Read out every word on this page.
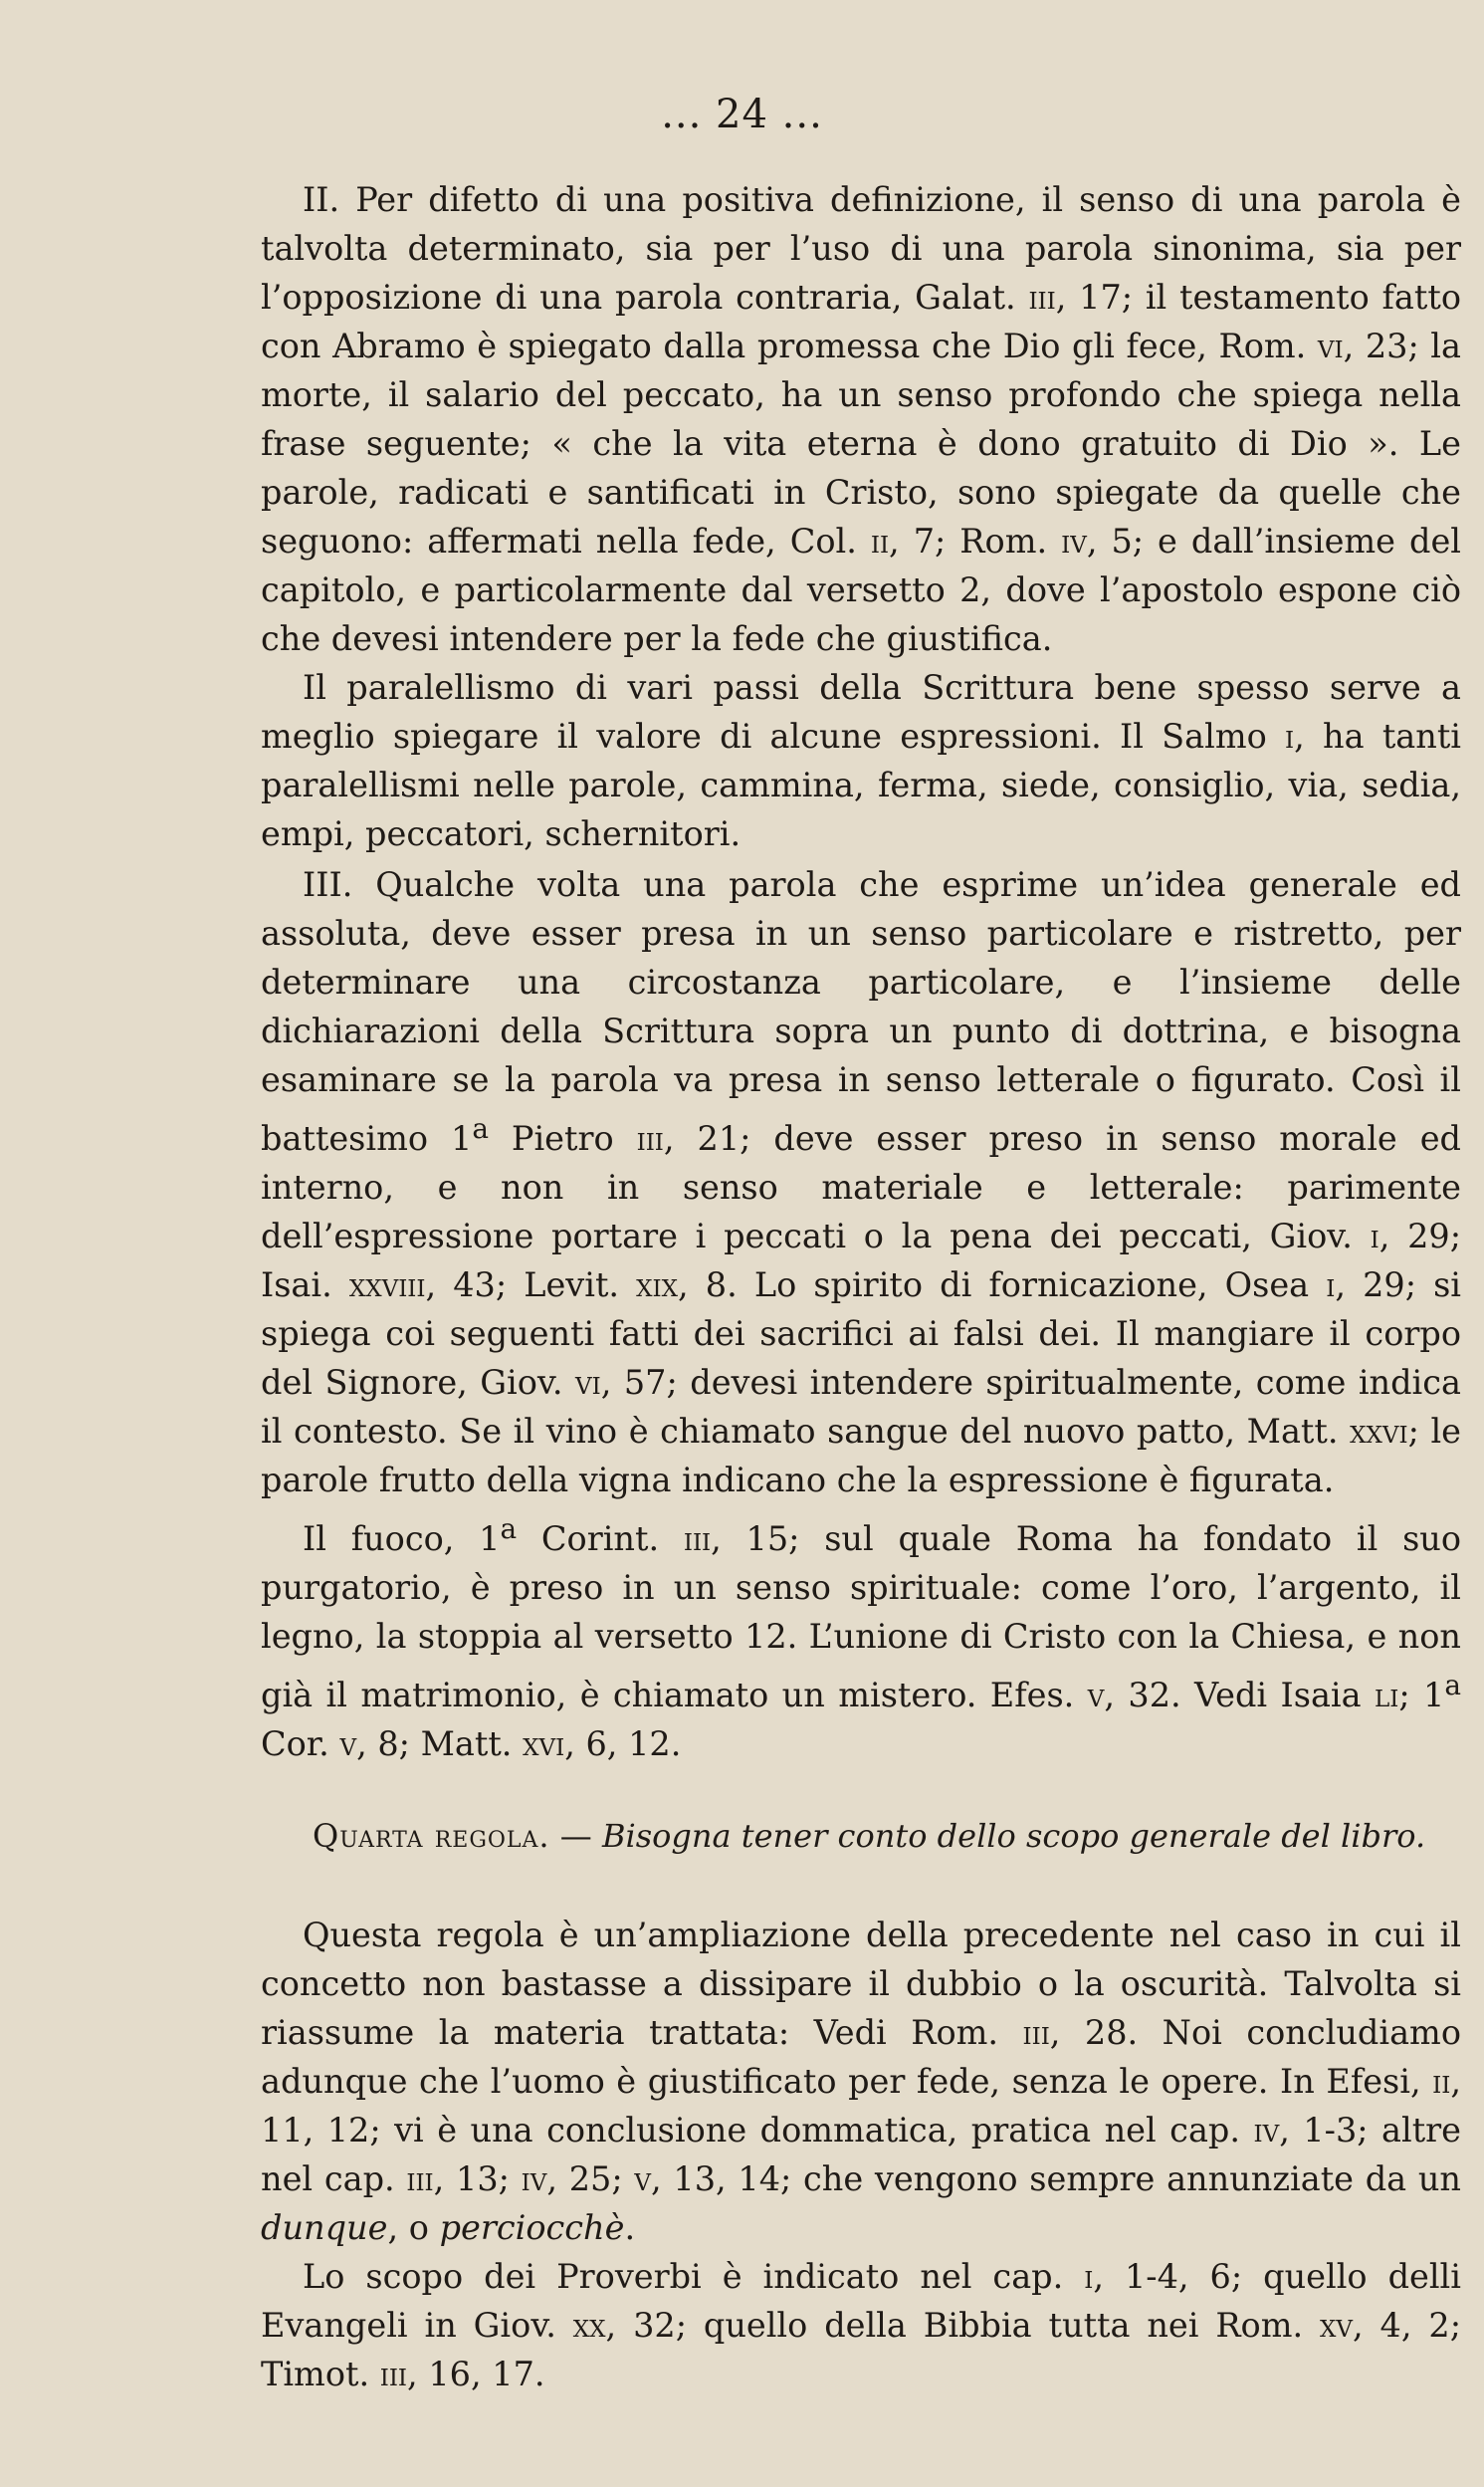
... 24 ...

II. Per difetto di una positiva definizione, il senso di una parola è talvolta determinato, sia per l’uso di una parola sinonima, sia per l’opposizione di una parola contraria, Galat. iii, 17; il testamento fatto con Abramo è spiegato dalla promessa che Dio gli fece, Rom. vi, 23; la morte, il salario del peccato, ha un senso profondo che spiega nella frase seguente; « che la vita eterna è dono gratuito di Dio ». Le parole, radicati e santificati in Cristo, sono spiegate da quelle che seguono: affermati nella fede, Col. ii, 7; Rom. iv, 5; e dall’insieme del capitolo, e particolarmente dal versetto 2, dove l’apostolo espone ciò che devesi intendere per la fede che giustifica.

Il paralellismo di vari passi della Scrittura bene spesso serve a meglio spiegare il valore di alcune espressioni. Il Salmo i, ha tanti paralellismi nelle parole, cammina, ferma, siede, consiglio, via, sedia, empi, peccatori, schernitori.

III. Qualche volta una parola che esprime un’idea generale ed assoluta, deve esser presa in un senso particolare e ristretto, per determinare una circostanza particolare, e l’insieme delle dichiarazioni della Scrittura sopra un punto di dottrina, e bisogna esaminare se la parola va presa in senso letterale o figurato. Così il battesimo 1$^a$ Pietro iii, 21; deve esser preso in senso morale ed interno, e non in senso materiale e letterale: parimente dell’espressione portare i peccati o la pena dei peccati, Giov. i, 29; Isai. xxviii, 43; Levit. xix, 8. Lo spirito di fornicazione, Osea i, 29; si spiega coi seguenti fatti dei sacrifici ai falsi dei. Il mangiare il corpo del Signore, Giov. vi, 57; devesi intendere spiritualmente, come indica il contesto. Se il vino è chiamato sangue del nuovo patto, Matt. xxvi; le parole frutto della vigna indicano che la espressione è figurata.

Il fuoco, 1$^a$ Corint. iii, 15; sul quale Roma ha fondato il suo purgatorio, è preso in un senso spirituale: come l’oro, l’argento, il legno, la stoppia al versetto 12. L’unione di Cristo con la Chiesa, e non già il matrimonio, è chiamato un mistero. Efes. v, 32. Vedi Isaia li; 1$^a$ Cor. v, 8; Matt. xvi, 6, 12.

Quarta regola. — Bisogna tener conto dello scopo generale del libro.

Questa regola è un’ampliazione della precedente nel caso in cui il concetto non bastasse a dissipare il dubbio o la oscurità. Talvolta si riassume la materia trattata: Vedi Rom. iii, 28. Noi concludiamo adunque che l’uomo è giustificato per fede, senza le opere. In Efesi, ii, 11, 12; vi è una conclusione dommatica, pratica nel cap. iv, 1-3; altre nel cap. iii, 13; iv, 25; v, 13, 14; che vengono sempre annunziate da un dunque, o perciocchè.

Lo scopo dei Proverbi è indicato nel cap. i, 1-4, 6; quello delli Evangeli in Giov. xx, 32; quello della Bibbia tutta nei Rom. xv, 4, 2; Timot. iii, 16, 17.
